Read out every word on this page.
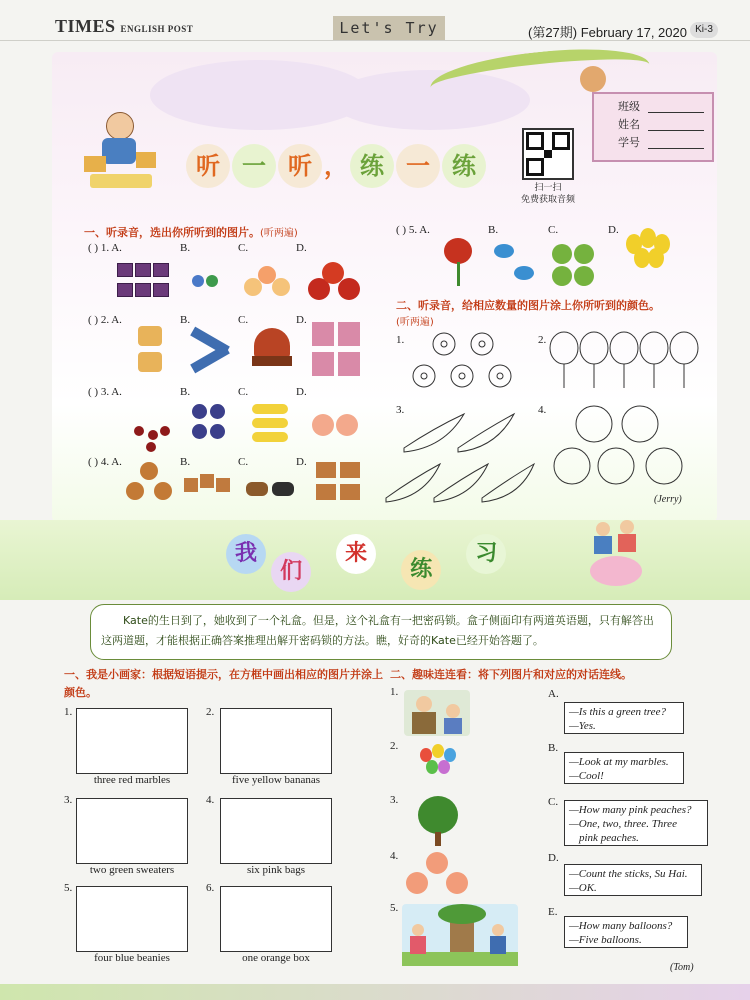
TIMES ENGLISH POST	Let's Try	(第27期) February 17, 2020 Ki-3
听 一 听 ， 练 一 练
扫一扫
免费获取音频
班级
姓名
学号
一、听录音，选出你所听到的图片。(听两遍)
( ) 1. A.	B.	C.	D.
( ) 2. A.	B.	C.	D.
( ) 3. A.	B.	C.	D.
( ) 4. A.	B.	C.	D.
( ) 5. A.	B.	C.	D.
二、听录音，给相应数量的图片涂上你所听到的颜色。
(听两遍)
1.	2.
3.	4.
(Jerry)
我 们 来 练 习
Kate的生日到了，她收到了一个礼盒。但是，这个礼盒有一把密码锁。盒子侧面印有两道英语题，只有解答出这两道题，才能根据正确答案推理出解开密码锁的方法。瞧，好奇的Kate已经开始答题了。
一、我是小画家：根据短语提示，在方框中画出相应的图片并涂上颜色。
1.
three red marbles
2.
five yellow bananas
3.
two green sweaters
4.
six pink bags
5.
four blue beanies
6.
one orange box
二、趣味连连看：将下列图片和对应的对话连线。
1.
2.
3.
4.
5.
A.
—Is this a green tree?
—Yes.
B.
—Look at my marbles.
—Cool!
C.
—How many pink peaches?
—One, two, three. Three
pink peaches.
D.
—Count the sticks, Su Hai.
—OK.
E.
—How many balloons?
—Five balloons.
(Tom)
